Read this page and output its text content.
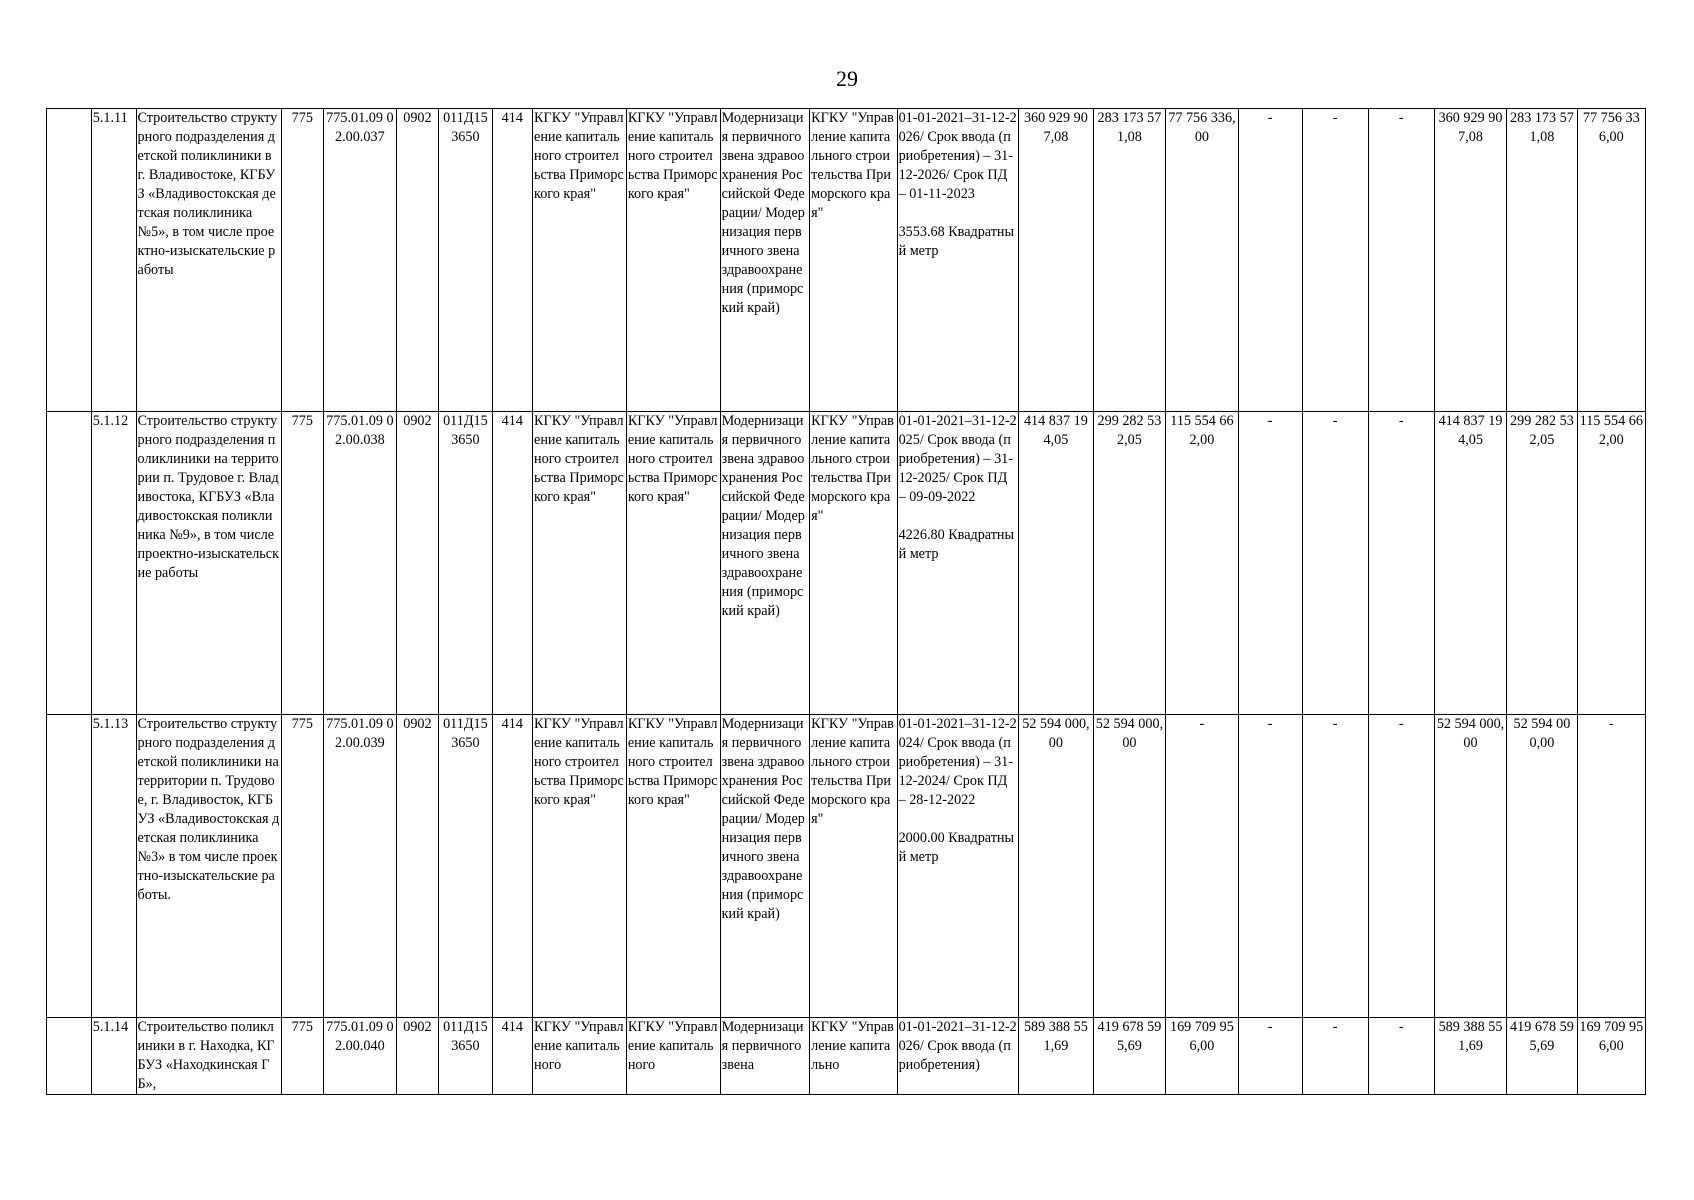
29
	5.1.11	Строительство структурного подразделения детской поликлиники в г. Владивостоке, КГБУЗ «Владивостокская детская поликлиника №5», в том числе проектно-изыскательские работы	775	775.01.09 02.00.037	0902	011Д15 3650	414	КГКУ "Управление капитального строительства Приморского края"	КГКУ "Управление капитального строительства Приморского края"	Модернизация первичного звена здравоохранения Российской Федерации/ Модернизация первичного звена здравоохранения (приморский край)	КГКУ "Управление капитального строительства Приморского края"	01-01-2021–31-12-2026/ Срок ввода (приобретения) – 31-12-2026/ Срок ПД – 01-11-2023

3553.68 Квадратный метр	360 929 907,08	283 173 571,08	77 756 336,00	-	-	-	360 929 907,08	283 173 571,08	77 756 336,00
	5.1.12	Строительство структурного подразделения поликлиники на территории п. Трудовое г. Владивостока, КГБУЗ «Владивостокская поликлиника №9», в том числе проектно-изыскательские работы	775	775.01.09 02.00.038	0902	011Д15 3650	414	КГКУ "Управление капитального строительства Приморского края"	КГКУ "Управление капитального строительства Приморского края"	Модернизация первичного звена здравоохранения Российской Федерации/ Модернизация первичного звена здравоохранения (приморский край)	КГКУ "Управление капитального строительства Приморского края"	01-01-2021–31-12-2025/ Срок ввода (приобретения) – 31-12-2025/ Срок ПД – 09-09-2022

4226.80 Квадратный метр	414 837 194,05	299 282 532,05	115 554 662,00	-	-	-	414 837 194,05	299 282 532,05	115 554 662,00
	5.1.13	Строительство структурного подразделения детской поликлиники на территории п. Трудовое, г. Владивосток, КГБУЗ «Владивостокская детская поликлиника №3» в том числе проектно-изыскательские работы.	775	775.01.09 02.00.039	0902	011Д15 3650	414	КГКУ "Управление капитального строительства Приморского края"	КГКУ "Управление капитального строительства Приморского края"	Модернизация первичного звена здравоохранения Российской Федерации/ Модернизация первичного звена здравоохранения (приморский край)	КГКУ "Управление капитального строительства Приморского края"	01-01-2021–31-12-2024/ Срок ввода (приобретения) – 31-12-2024/ Срок ПД – 28-12-2022

2000.00 Квадратный метр	52 594 000,00	52 594 000,00	-	-	-	-	52 594 000,00	52 594 000,00	-
	5.1.14	Строительство поликлиники в г. Находка, КГБУЗ «Находкинская ГБ»,	775	775.01.09 02.00.040	0902	011Д15 3650	414	КГКУ "Управление капитального	КГКУ "Управление капитального	Модернизация первичного звена	КГКУ "Управление капитально	01-01-2021–31-12-2026/ Срок ввода (приобретения)	589 388 551,69	419 678 595,69	169 709 956,00	-	-	-	589 388 551,69	419 678 595,69	169 709 956,00
